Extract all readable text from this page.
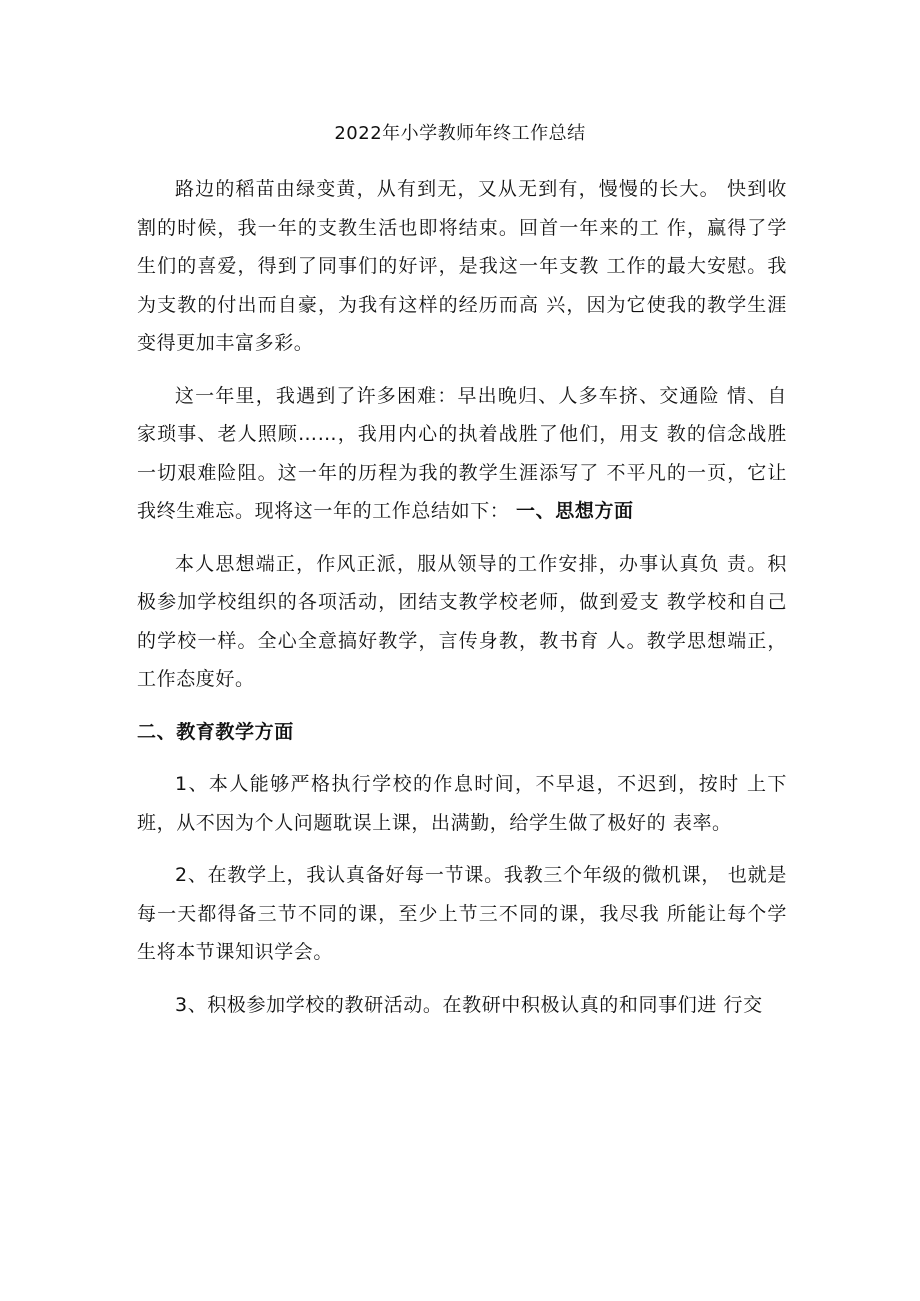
2022年小学教师年终工作总结

路边的稻苗由绿变黄，从有到无，又从无到有，慢慢的长大。 快到收割的时候，我一年的支教生活也即将结束。回首一年来的工 作，赢得了学生们的喜爱，得到了同事们的好评，是我这一年支教 工作的最大安慰。我为支教的付出而自豪，为我有这样的经历而高 兴，因为它使我的教学生涯变得更加丰富多彩。

这一年里，我遇到了许多困难：早出晚归、人多车挤、交通险 情、自家琐事、老人照顾……，我用内心的执着战胜了他们，用支 教的信念战胜一切艰难险阻。这一年的历程为我的教学生涯添写了 不平凡的一页，它让我终生难忘。现将这一年的工作总结如下： 一、思想方面

本人思想端正，作风正派，服从领导的工作安排，办事认真负 责。积极参加学校组织的各项活动，团结支教学校老师，做到爱支 教学校和自己的学校一样。全心全意搞好教学，言传身教，教书育 人。教学思想端正，工作态度好。

二、教育教学方面

1、本人能够严格执行学校的作息时间，不早退，不迟到，按时 上下班，从不因为个人问题耽误上课，出满勤，给学生做了极好的 表率。

2、在教学上，我认真备好每一节课。我教三个年级的微机课， 也就是每一天都得备三节不同的课，至少上节三不同的课，我尽我 所能让每个学生将本节课知识学会。

3、积极参加学校的教研活动。在教研中积极认真的和同事们进 行交
